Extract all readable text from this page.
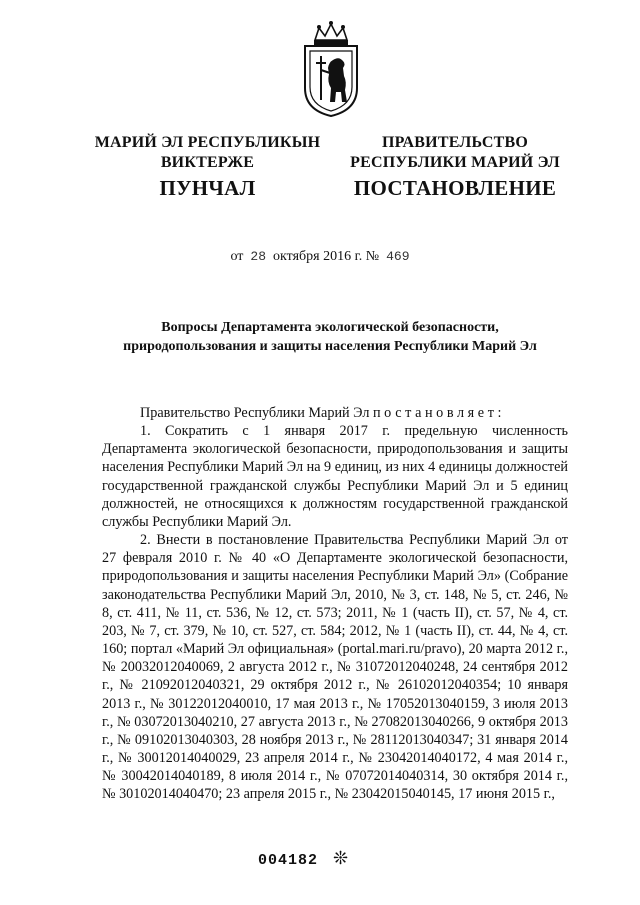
МАРИЙ ЭЛ РЕСПУБЛИКЫН
ВИКТЕРЖЕ
ПРАВИТЕЛЬСТВО
РЕСПУБЛИКИ МАРИЙ ЭЛ
ПУНЧАЛ	ПОСТАНОВЛЕНИЕ
от 28 октября 2016 г. № 469
Вопросы Департамента экологической безопасности,
природопользования и защиты населения Республики Марий Эл

Правительство Республики Марий Эл постановляет:

1. Сократить с 1 января 2017 г. предельную численность Департамента экологической безопасности, природопользования и защиты населения Республики Марий Эл на 9 единиц, из них 4 единицы должностей государственной гражданской службы Республики Марий Эл и 5 единиц должностей, не относящихся к должностям государственной гражданской службы Республики Марий Эл.

2. Внести в постановление Правительства Республики Марий Эл от 27 февраля 2010 г. № 40 «О Департаменте экологической безопасности, природопользования и защиты населения Республики Марий Эл» (Собрание законодательства Республики Марий Эл, 2010, № 3, ст. 148, № 5, ст. 246, № 8, ст. 411, № 11, ст. 536, № 12, ст. 573; 2011, № 1 (часть II), ст. 57, № 4, ст. 203, № 7, ст. 379, № 10, ст. 527, ст. 584; 2012, № 1 (часть II), ст. 44, № 4, ст. 160; портал «Марий Эл официальная» (portal.mari.ru/pravo), 20 марта 2012 г., № 20032012040069, 2 августа 2012 г., № 31072012040248, 24 сентября 2012 г., № 21092012040321, 29 октября 2012 г., № 26102012040354; 10 января 2013 г., № 30122012040010, 17 мая 2013 г., № 17052013040159, 3 июля 2013 г., № 03072013040210, 27 августа 2013 г., № 27082013040266, 9 октября 2013 г., № 09102013040303, 28 ноября 2013 г., № 28112013040347; 31 января 2014 г., № 30012014040029, 23 апреля 2014 г., № 23042014040172, 4 мая 2014 г., № 30042014040189, 8 июля 2014 г., № 07072014040314, 30 октября 2014 г., № 30102014040470; 23 апреля 2015 г., № 23042015040145, 17 июня 2015 г.,

004182 ❊
